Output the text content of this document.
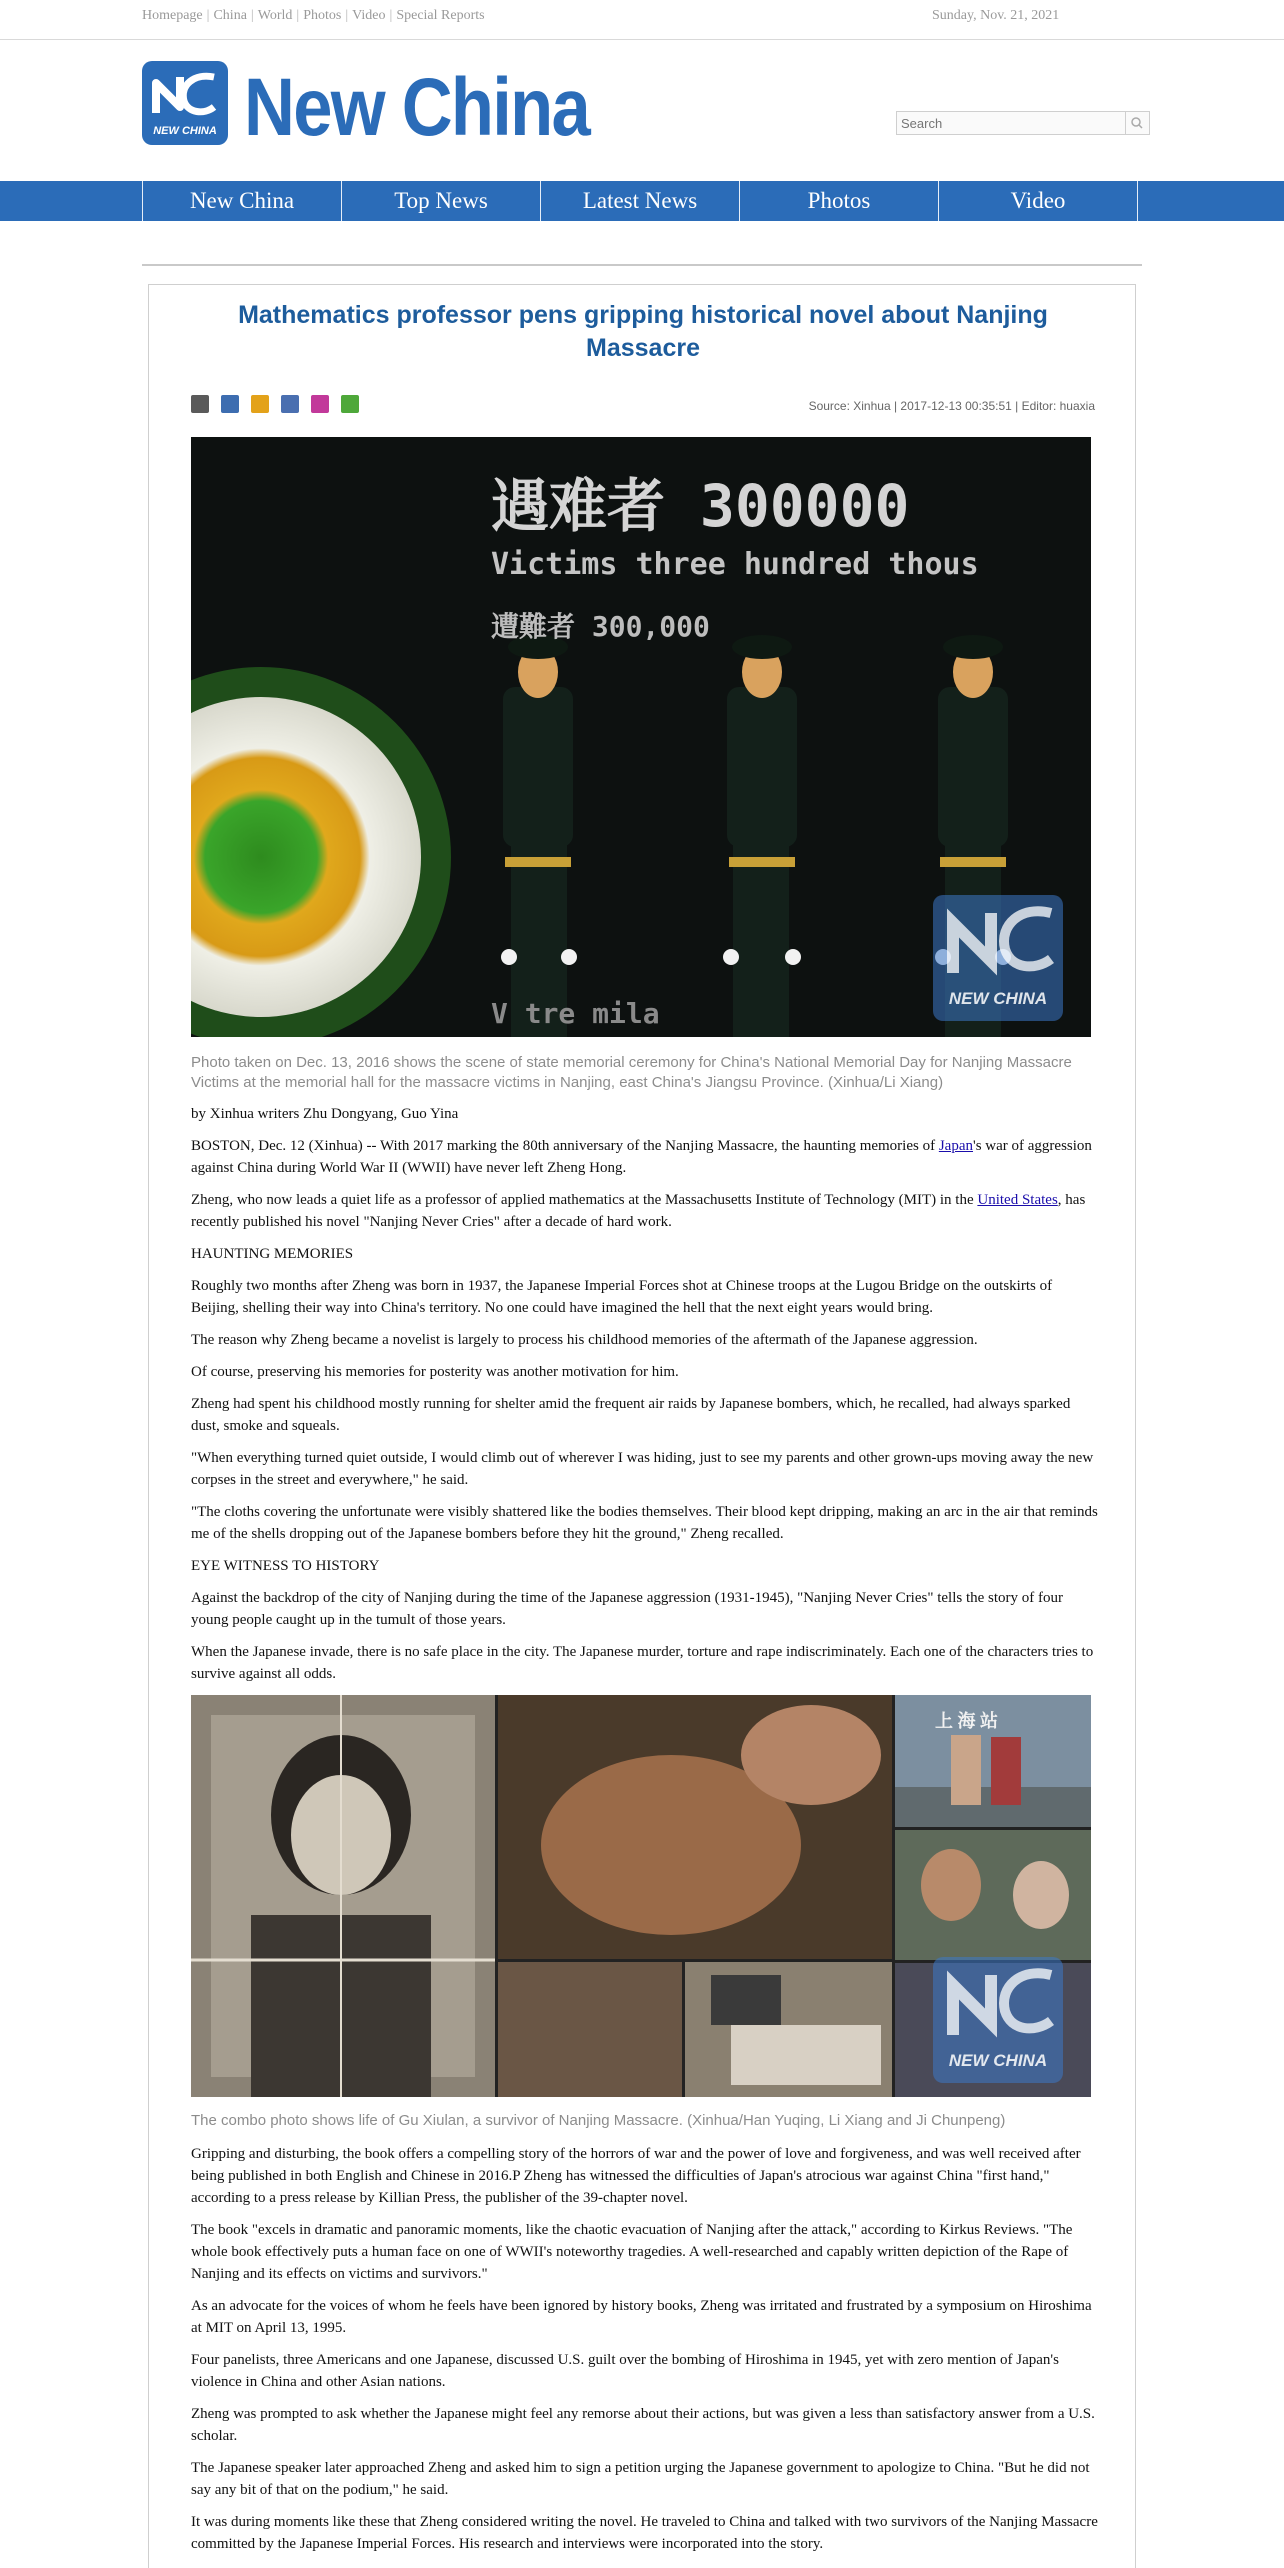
Homepage | China | World | Photos | Video | Special Reports	Sunday, Nov. 21, 2021
NEW CHINA New China
Search
New China	Top News	Latest News	Photos	Video
Mathematics professor pens gripping historical novel about Nanjing Massacre
Source: Xinhua | 2017-12-13 00:35:51 | Editor: huaxia
遇难者 300000
Victims three hundred thous
遭難者 300,000
V tre mila	NEW CHINA

Photo taken on Dec. 13, 2016 shows the scene of state memorial ceremony for China's National Memorial Day for Nanjing Massacre Victims at the memorial hall for the massacre victims in Nanjing, east China's Jiangsu Province. (Xinhua/Li Xiang)

by Xinhua writers Zhu Dongyang, Guo Yina

BOSTON, Dec. 12 (Xinhua) -- With 2017 marking the 80th anniversary of the Nanjing Massacre, the haunting memories of Japan's war of aggression against China during World War II (WWII) have never left Zheng Hong.

Zheng, who now leads a quiet life as a professor of applied mathematics at the Massachusetts Institute of Technology (MIT) in the United States, has recently published his novel "Nanjing Never Cries" after a decade of hard work.

HAUNTING MEMORIES

Roughly two months after Zheng was born in 1937, the Japanese Imperial Forces shot at Chinese troops at the Lugou Bridge on the outskirts of Beijing, shelling their way into China's territory. No one could have imagined the hell that the next eight years would bring.

The reason why Zheng became a novelist is largely to process his childhood memories of the aftermath of the Japanese aggression.

Of course, preserving his memories for posterity was another motivation for him.

Zheng had spent his childhood mostly running for shelter amid the frequent air raids by Japanese bombers, which, he recalled, had always sparked dust, smoke and squeals.

"When everything turned quiet outside, I would climb out of wherever I was hiding, just to see my parents and other grown-ups moving away the new corpses in the street and everywhere," he said.

"The cloths covering the unfortunate were visibly shattered like the bodies themselves. Their blood kept dripping, making an arc in the air that reminds me of the shells dropping out of the Japanese bombers before they hit the ground," Zheng recalled.

EYE WITNESS TO HISTORY

Against the backdrop of the city of Nanjing during the time of the Japanese aggression (1931-1945), "Nanjing Never Cries" tells the story of four young people caught up in the tumult of those years.

When the Japanese invade, there is no safe place in the city. The Japanese murder, torture and rape indiscriminately. Each one of the characters tries to survive against all odds.

上 海 站
NEW CHINA

The combo photo shows life of Gu Xiulan, a survivor of Nanjing Massacre. (Xinhua/Han Yuqing, Li Xiang and Ji Chunpeng)

Gripping and disturbing, the book offers a compelling story of the horrors of war and the power of love and forgiveness, and was well received after being published in both English and Chinese in 2016.P Zheng has witnessed the difficulties of Japan's atrocious war against China "first hand," according to a press release by Killian Press, the publisher of the 39-chapter novel.

The book "excels in dramatic and panoramic moments, like the chaotic evacuation of Nanjing after the attack," according to Kirkus Reviews. "The whole book effectively puts a human face on one of WWII's noteworthy tragedies. A well-researched and capably written depiction of the Rape of Nanjing and its effects on victims and survivors."

As an advocate for the voices of whom he feels have been ignored by history books, Zheng was irritated and frustrated by a symposium on Hiroshima at MIT on April 13, 1995.

Four panelists, three Americans and one Japanese, discussed U.S. guilt over the bombing of Hiroshima in 1945, yet with zero mention of Japan's violence in China and other Asian nations.

Zheng was prompted to ask whether the Japanese might feel any remorse about their actions, but was given a less than satisfactory answer from a U.S. scholar.

The Japanese speaker later approached Zheng and asked him to sign a petition urging the Japanese government to apologize to China. "But he did not say any bit of that on the podium," he said.

It was during moments like these that Zheng considered writing the novel. He traveled to China and talked with two survivors of the Nanjing Massacre committed by the Japanese Imperial Forces. His research and interviews were incorporated into the story.
